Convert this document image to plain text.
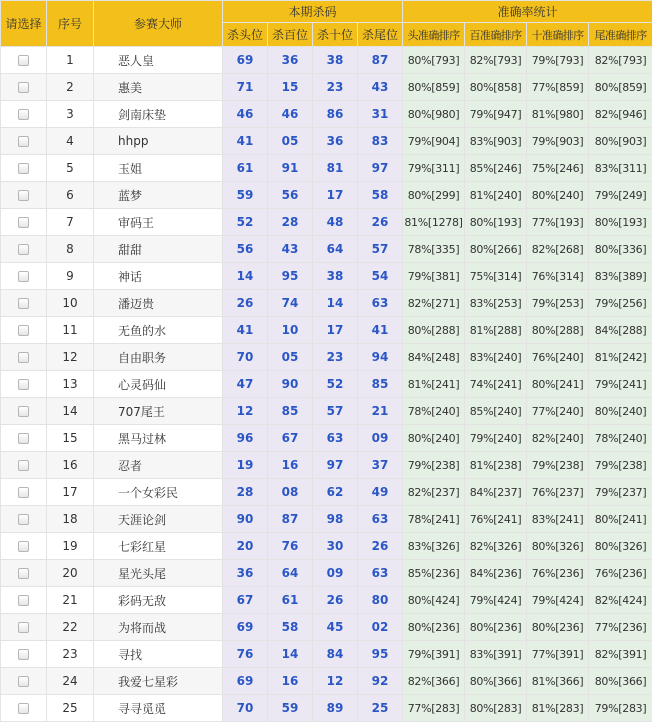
请选择	序号	参赛大师	本期杀码				准确率统计			
			杀头位	杀百位	杀十位	杀尾位	头准确排序	百准确排序	十准确排序	尾准确排序
	1	恶人皇	69	36	38	87	80%[793]	82%[793]	79%[793]	82%[793]
	2	惠美	71	15	23	43	80%[859]	80%[858]	77%[859]	80%[859]
	3	剑南床垫	46	46	86	31	80%[980]	79%[947]	81%[980]	82%[946]
	4	hhpp	41	05	36	83	79%[904]	83%[903]	79%[903]	80%[903]
	5	玉姐	61	91	81	97	79%[311]	85%[246]	75%[246]	83%[311]
	6	蓝梦	59	56	17	58	80%[299]	81%[240]	80%[240]	79%[249]
	7	审码王	52	28	48	26	81%[1278]	80%[193]	77%[193]	80%[193]
	8	甜甜	56	43	64	57	78%[335]	80%[266]	82%[268]	80%[336]
	9	神话	14	95	38	54	79%[381]	75%[314]	76%[314]	83%[389]
	10	潘迈贵	26	74	14	63	82%[271]	83%[253]	79%[253]	79%[256]
	11	无鱼的水	41	10	17	41	80%[288]	81%[288]	80%[288]	84%[288]
	12	自由职务	70	05	23	94	84%[248]	83%[240]	76%[240]	81%[242]
	13	心灵码仙	47	90	52	85	81%[241]	74%[241]	80%[241]	79%[241]
	14	707尾王	12	85	57	21	78%[240]	85%[240]	77%[240]	80%[240]
	15	黑马过林	96	67	63	09	80%[240]	79%[240]	82%[240]	78%[240]
	16	忍者	19	16	97	37	79%[238]	81%[238]	79%[238]	79%[238]
	17	一个女彩民	28	08	62	49	82%[237]	84%[237]	76%[237]	79%[237]
	18	天涯论剑	90	87	98	63	78%[241]	76%[241]	83%[241]	80%[241]
	19	七彩红星	20	76	30	26	83%[326]	82%[326]	80%[326]	80%[326]
	20	星光头尾	36	64	09	63	85%[236]	84%[236]	76%[236]	76%[236]
	21	彩码无敌	67	61	26	80	80%[424]	79%[424]	79%[424]	82%[424]
	22	为将而战	69	58	45	02	80%[236]	80%[236]	80%[236]	77%[236]
	23	寻找	76	14	84	95	79%[391]	83%[391]	77%[391]	82%[391]
	24	我爱七星彩	69	16	12	92	82%[366]	80%[366]	81%[366]	80%[366]
	25	寻寻觅觅	70	59	89	25	77%[283]	80%[283]	81%[283]	79%[283]
